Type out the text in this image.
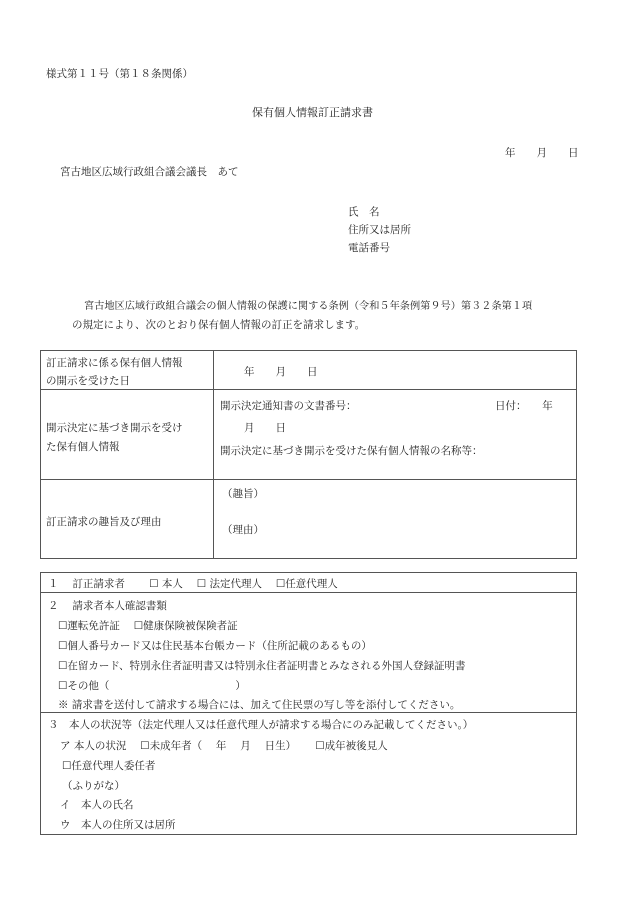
様式第１１号（第１８条関係）
保有個人情報訂正請求書
年　　月　　日
宮古地区広域行政組合議会議長　あて
氏　名
住所又は居所
電話番号
宮古地区広域行政組合議会の個人情報の保護に関する条例（令和５年条例第９号）第３２条第１項
の規定により、次のとおり保有個人情報の訂正を請求します。
訂正請求に係る保有個人情報
の開示を受けた日
年　　月　　日
開示決定に基づき開示を受け
た保有個人情報
開示決定通知書の文書番号：	日付：　　年
月　　日
開示決定に基づき開示を受けた保有個人情報の名称等：
訂正請求の趣旨及び理由
（趣旨）
（理由）
１　 訂正請求者　　 ☐ 本人　 ☐ 法定代理人　 ☐任意代理人
２　 請求者本人確認書類
☐運転免許証　 ☐健康保険被保険者証
☐個人番号カード又は住民基本台帳カード（住所記載のあるもの）
☐在留カード、特別永住者証明書又は特別永住者証明書とみなされる外国人登録証明書
☐その他（　　　　　　　　　　　　）
※ 請求書を送付して請求する場合には、加えて住民票の写し等を添付してください。
３　本人の状況等（法定代理人又は任意代理人が請求する場合にのみ記載してください。）
ア 本人の状況　 ☐未成年者（　 年　 月　 日生）　　 ☐成年被後見人
☐任意代理人委任者
（ふりがな）
イ　本人の氏名
ウ　本人の住所又は居所
